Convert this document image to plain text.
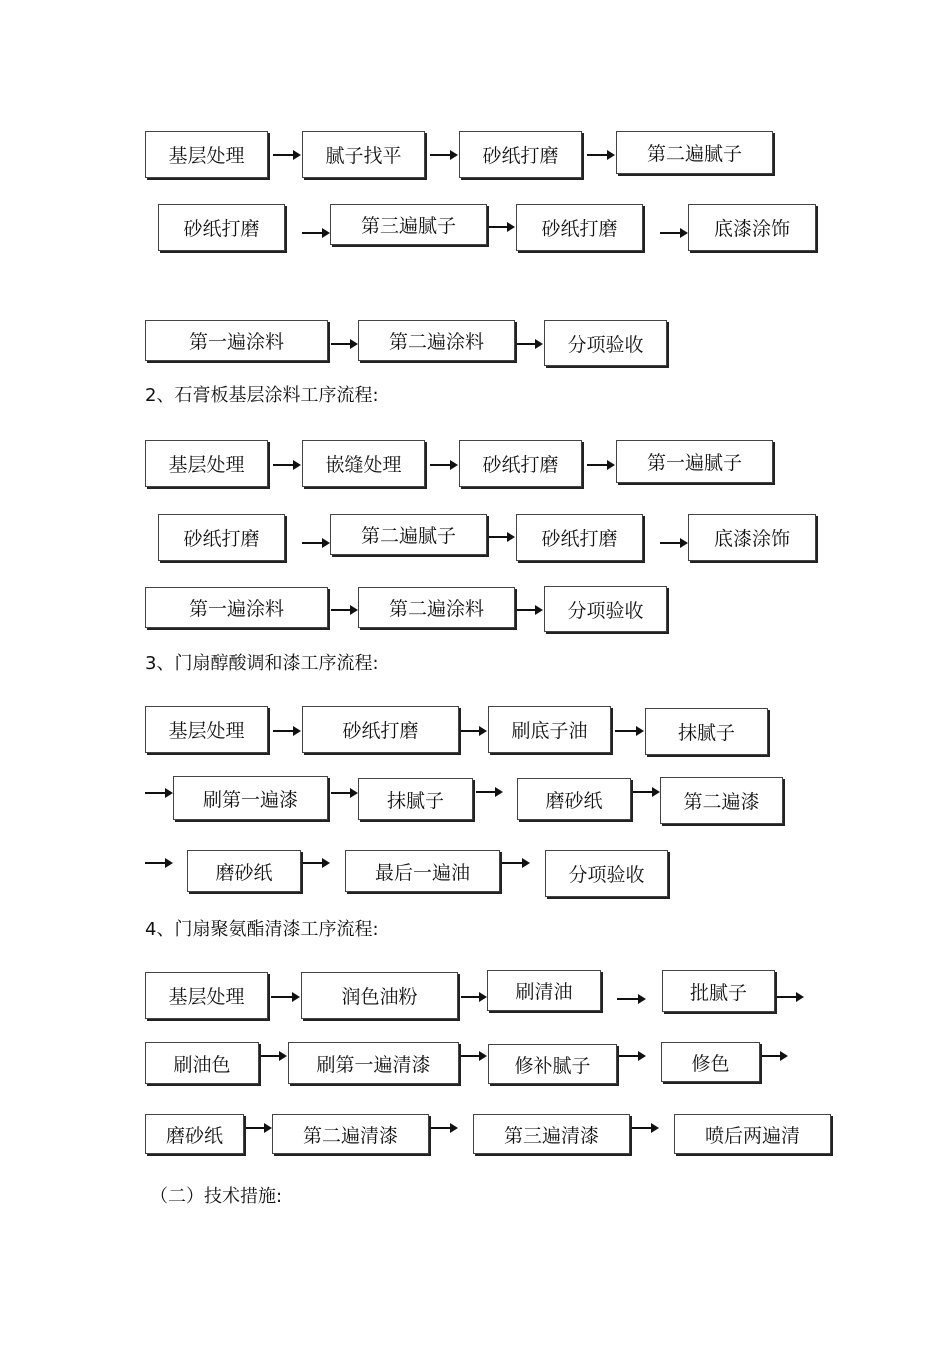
基层处理	腻子找平	砂纸打磨	第二遍腻子
砂纸打磨	第三遍腻子	砂纸打磨	底漆涂饰
第一遍涂料	第二遍涂料	分项验收
2、石膏板基层涂料工序流程:
基层处理	嵌缝处理	砂纸打磨	第一遍腻子
砂纸打磨	第二遍腻子	砂纸打磨	底漆涂饰
第一遍涂料	第二遍涂料	分项验收
3、门扇醇酸调和漆工序流程:
基层处理	砂纸打磨	刷底子油	抹腻子
刷第一遍漆	抹腻子	磨砂纸	第二遍漆
磨砂纸	最后一遍油	分项验收
4、门扇聚氨酯清漆工序流程:
基层处理	润色油粉	刷清油	批腻子
刷油色	刷第一遍清漆	修补腻子	修色
磨砂纸	第二遍清漆	第三遍清漆	喷后两遍清
（二）技术措施:
